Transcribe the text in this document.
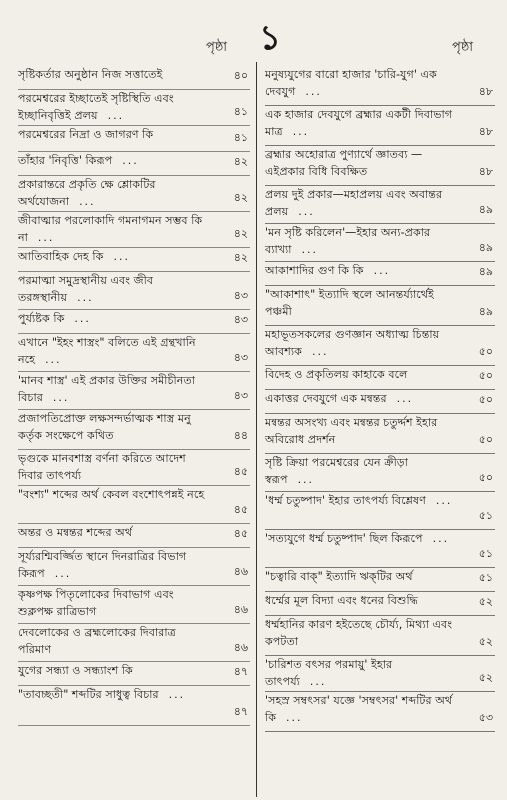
১
পৃষ্ঠা	পৃষ্ঠা
সৃষ্টিকর্তার অনুষ্ঠান নিজ সত্তাতেই	৪০
পরমেশ্বরের ইচ্ছাতেই সৃষ্টিস্থিতি এবং ইচ্ছানিবৃত্তিই প্রলয় ...	৪১
পরমেশ্বরের নিদ্রা ও জাগরণ কি	৪১
তাঁহার 'নিবৃত্তি' কিরূপ ...	৪২
প্রকারান্তরে প্রকৃতি ক্ষে শ্লোকটির অর্থযোজনা ...	৪২
জীবাত্মার পরলোকাদি গমনাগমন সম্ভব কি না ...	৪২
আতিবাহিক দেহ কি ...	৪২
পরমাত্মা সমুদ্রস্থানীয় এবং জীব তরঙ্গস্থানীয় ...	৪৩
পুর্য্যষ্টক কি ...	৪৩
এখানে "ইহং শাস্ত্রং" বলিতে এই গ্রন্থখানি নহে ...	৪৩
'মানব শাস্ত্র' এই প্রকার উক্তির সমীচীনতা বিচার ...	৪৩
প্রজাপতিপ্রোক্ত লক্ষসন্দর্ভাত্মক শাস্ত্র মনু কর্তৃক সংক্ষেপে কথিত	৪৪
ভৃগুকে মানবশাস্ত্র বর্ণনা করিতে আদেশ দিবার তাৎপর্য্য	৪৫
"বংশ্য" শব্দের অর্থ কেবল বংশোৎপন্নই নহে
৪৫
অন্তর ও মন্বন্তর শব্দের অর্থ	৪৫
সূর্য্যরশ্মিবর্জ্জিত স্থানে দিনরাত্রির বিভাগ কিরূপ ...	৪৬
কৃষ্ণপক্ষ পিতৃলোকের দিবাভাগ এবং শুক্লপক্ষ রাত্রিভাগ	৪৬
দেবলোকের ও ব্রহ্মলোকের দিবারাত্র পরিমাণ	৪৬
যুগের সন্ধ্যা ও সন্ধ্যাংশ কি	৪৭
"তাবচ্ছতী" শব্দটির সাধুত্ব বিচার ...
৪৭
মনুষ্যযুগের বারো হাজার 'চারি-যুগ' এক দেবযুগ ...	৪৮
এক হাজার দেবযুগে ব্রহ্মার একটী দিবাভাগ মাত্র ...	৪৮
ব্রহ্মার অহোরাত্র পুণ্যার্থে জ্ঞাতব্য —এইপ্রকার বিধি বিবক্ষিত	৪৮
প্রলয় দুই প্রকার—মহাপ্রলয় এবং অবান্তর প্রলয় ...	৪৯
'মন সৃষ্টি করিলেন'—ইহার অন্য-প্রকার ব্যাখ্যা ...	৪৯
আকাশাদির গুণ কি কি ...	৪৯
"আকাশাৎ" ইত্যাদি স্থলে আনন্তর্য্যার্থেই পঞ্চমী	৪৯
মহাভূতসকলের গুণজ্ঞান অধ্যাত্ম চিন্তায় আবশ্যক ...	৫০
বিদেহ ও প্রকৃতিলয় কাহাকে বলে	৫০
একাত্তর দেবযুগে এক মন্বন্তর ...	৫০
মন্বন্তর অসংখ্য এবং মন্বন্তর চতুর্দ্দশ ইহার অবিরোধ প্রদর্শন	৫০
সৃষ্টি ক্রিয়া পরমেশ্বরের যেন ক্রীড়া স্বরূপ ...	৫০
'ধর্ম্ম চতুষ্পাদ' ইহার তাৎপর্য্য বিশ্লেষণ ...
৫১
'সত্যযুগে ধর্ম্ম চতুষ্পাদ' ছিল কিরূপে ...
৫১
"চত্বারি বাক্" ইত্যাদি ঋক্‌টির অর্থ	৫১
ধর্ম্মের মূল বিদ্যা এবং ধনের বিশুদ্ধি	৫২
ধর্ম্মহানির কারণ হইতেছে চৌর্য্য, মিথ্যা এবং কপটতা	৫২
'চারিশত বৎসর পরমায়ু' ইহার তাৎপর্য্য ...	৫২
'সহস্র সম্বৎসর' যজ্ঞে 'সম্বৎসর' শব্দটির অর্থ কি ...	৫৩
